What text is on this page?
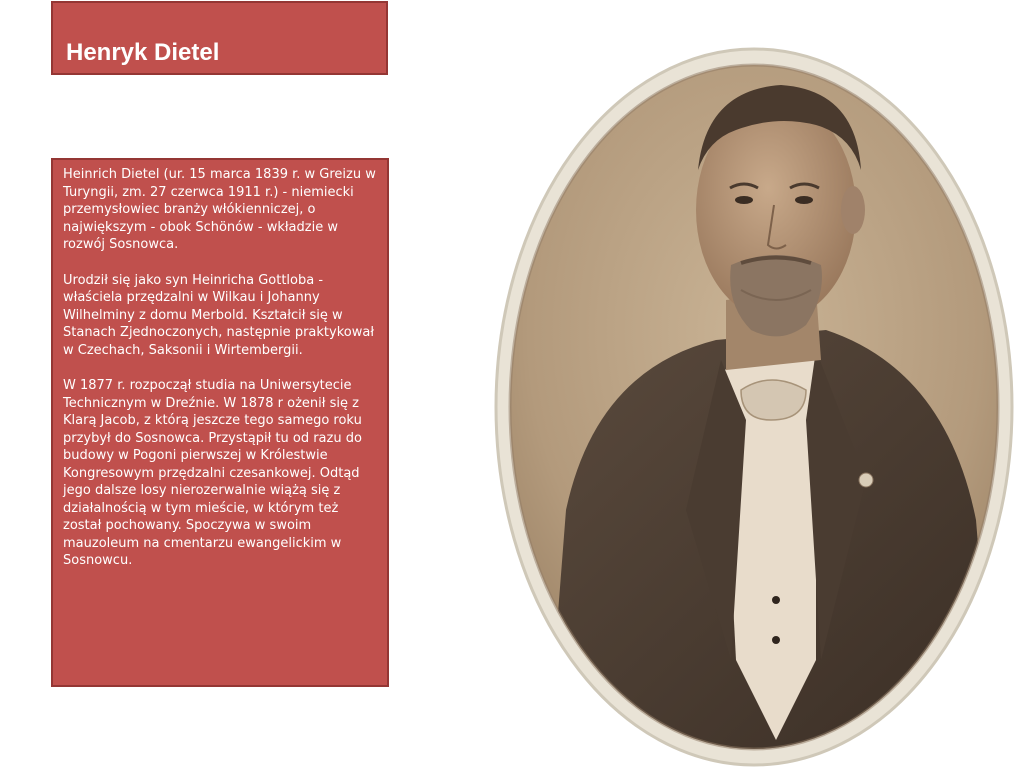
Henryk Dietel

Heinrich Dietel (ur. 15 marca 1839 r. w Greizu w Turyngii, zm. 27 czerwca 1911 r.) - niemiecki przemysłowiec branży włókienniczej, o największym - obok Schönów - wkładzie w rozwój Sosnowca.

Urodził się jako syn Heinricha Gottloba - właściela przędzalni w Wilkau i Johanny Wilhelminy z domu Merbold. Kształcił się w Stanach Zjednoczonych, następnie praktykował w Czechach, Saksonii i Wirtembergii.

W 1877 r. rozpoczął studia na Uniwersytecie Technicznym w Dreźnie. W 1878 r ożenił się z Klarą Jacob, z którą jeszcze tego samego roku przybył do Sosnowca. Przystąpił tu od razu do budowy w Pogoni pierwszej w Królestwie Kongresowym przędzalni czesankowej. Odtąd jego dalsze losy nierozerwalnie wiążą się z działalnością w tym mieście, w którym też został pochowany. Spoczywa w swoim mauzoleum na cmentarzu ewangelickim w Sosnowcu.
